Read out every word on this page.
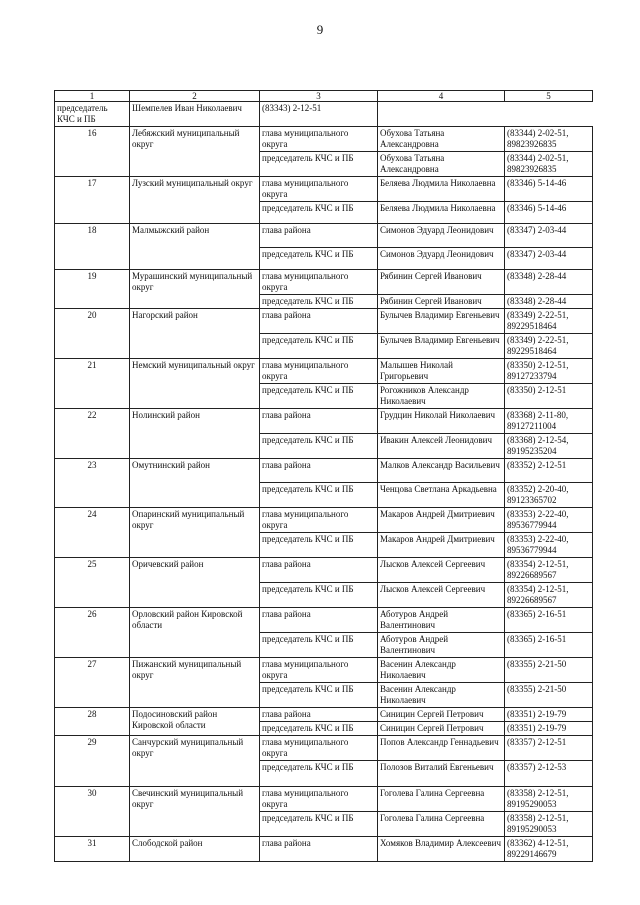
9
1	2	3	4	5
председатель КЧС и ПБ	Шемпелев Иван Николаевич	(83343) 2-12-51		
16	Лебяжский муниципальный округ	глава муниципального округа	Обухова Татьяна Александровна	(83344) 2-02-51, 89823926835
		председатель КЧС и ПБ	Обухова Татьяна Александровна	(83344) 2-02-51, 89823926835
17	Лузский муниципальный округ	глава муниципального округа	Беляева Людмила Николаевна	(83346) 5-14-46
		председатель КЧС и ПБ	Беляева Людмила Николаевна	(83346) 5-14-46
18	Малмыжский район	глава района	Симонов Эдуард Леонидович	(83347) 2-03-44
		председатель КЧС и ПБ	Симонов Эдуард Леонидович	(83347) 2-03-44
19	Мурашинский муниципальный округ	глава муниципального округа	Рябинин Сергей Иванович	(83348) 2-28-44
		председатель КЧС и ПБ	Рябинин Сергей Иванович	(83348) 2-28-44
20	Нагорский район	глава района	Булычев Владимир Евгеньевич	(83349) 2-22-51, 89229518464
		председатель КЧС и ПБ	Булычев Владимир Евгеньевич	(83349) 2-22-51, 89229518464
21	Немский муниципальный округ	глава муниципального округа	Малышев Николай Григорьевич	(83350) 2-12-51, 89127233794
		председатель КЧС и ПБ	Рогожников Александр Николаевич	(83350) 2-12-51
22	Нолинский район	глава района	Грудцин Николай Николаевич	(83368) 2-11-80, 89127211004
		председатель КЧС и ПБ	Ивакин Алексей Леонидович	(83368) 2-12-54, 89195235204
23	Омутнинский район	глава района	Малков Александр Васильевич	(83352) 2-12-51
		председатель КЧС и ПБ	Ченцова Светлана Аркадьевна	(83352) 2-20-40, 89123365702
24	Опаринский муниципальный округ	глава муниципального округа	Макаров Андрей Дмитриевич	(83353) 2-22-40, 89536779944
		председатель КЧС и ПБ	Макаров Андрей Дмитриевич	(83353) 2-22-40, 89536779944
25	Оричевский район	глава района	Лысков Алексей Сергеевич	(83354) 2-12-51, 89226689567
		председатель КЧС и ПБ	Лысков Алексей Сергеевич	(83354) 2-12-51, 89226689567
26	Орловский район Кировской области	глава района	Аботуров Андрей Валентинович	(83365) 2-16-51
		председатель КЧС и ПБ	Аботуров Андрей Валентинович	(83365) 2-16-51
27	Пижанский муниципальный округ	глава муниципального округа	Васенин Александр Николаевич	(83355) 2-21-50
		председатель КЧС и ПБ	Васенин Александр Николаевич	(83355) 2-21-50
28	Подосиновский район Кировской области	глава района	Синицин Сергей Петрович	(83351) 2-19-79
		председатель КЧС и ПБ	Синицин Сергей Петрович	(83351) 2-19-79
29	Санчурский муниципальный округ	глава муниципального округа	Попов Александр Геннадьевич	(83357) 2-12-51
		председатель КЧС и ПБ	Полозов Виталий Евгеньевич	(83357) 2-12-53
30	Свечинский муниципальный округ	глава муниципального округа	Гоголева Галина Сергеевна	(83358) 2-12-51, 89195290053
		председатель КЧС и ПБ	Гоголева Галина Сергеевна	(83358) 2-12-51, 89195290053
31	Слободской район	глава района	Хомяков Владимир Алексеевич	(83362) 4-12-51, 89229146679
